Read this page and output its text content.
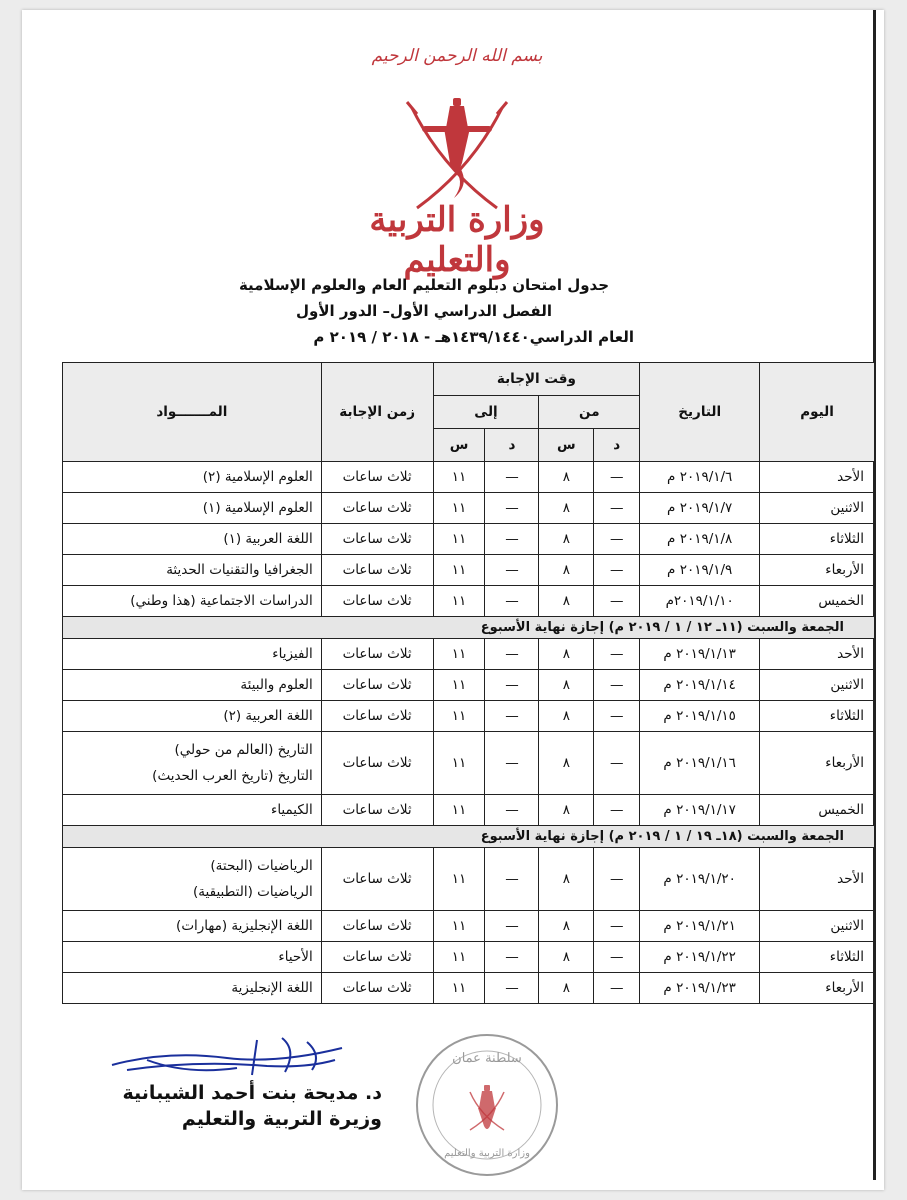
بسم الله الرحمن الرحيم
وزارة التربية والتعليم
جدول امتحان دبلوم التعليم العام والعلوم الإسلامية
الفصل الدراسي الأول– الدور الأول
العام الدراسي١٤٣٩/١٤٤٠هـ - ٢٠١٨ / ٢٠١٩ م
اليوم	التاريخ	وقت الإجابة				زمن الإجابة	المـــــــواد
		من		إلى			
		د	س	د	س		
الأحد	٢٠١٩/١/٦ م	—	٨	—	١١	ثلاث ساعات	العلوم الإسلامية (٢)

الاثنين	٢٠١٩/١/٧ م	—	٨	—	١١	ثلاث ساعات	العلوم الإسلامية (١)

الثلاثاء	٢٠١٩/١/٨ م	—	٨	—	١١	ثلاث ساعات	اللغة العربية (١)

الأربعاء	٢٠١٩/١/٩ م	—	٨	—	١١	ثلاث ساعات	الجغرافيا والتقنيات الحديثة

الخميس	٢٠١٩/١/١٠م	—	٨	—	١١	ثلاث ساعات	الدراسات الاجتماعية (هذا وطني)

الجمعة والسبت (١١ـ ١٢ / ١ / ٢٠١٩ م) إجازة نهاية الأسبوع							
الأحد	٢٠١٩/١/١٣ م	—	٨	—	١١	ثلاث ساعات	الفيزياء

الاثنين	٢٠١٩/١/١٤ م	—	٨	—	١١	ثلاث ساعات	العلوم والبيئة

الثلاثاء	٢٠١٩/١/١٥ م	—	٨	—	١١	ثلاث ساعات	اللغة العربية (٢)

الأربعاء	٢٠١٩/١/١٦ م	—	٨	—	١١	ثلاث ساعات	التاريخ (العالم من حولي)
التاريخ (تاريخ العرب الحديث)

الخميس	٢٠١٩/١/١٧ م	—	٨	—	١١	ثلاث ساعات	الكيمياء

الجمعة والسبت (١٨ـ ١٩ / ١ / ٢٠١٩ م) إجازة نهاية الأسبوع							
الأحد	٢٠١٩/١/٢٠ م	—	٨	—	١١	ثلاث ساعات	الرياضيات (البحتة)
الرياضيات (التطبيقية)

الاثنين	٢٠١٩/١/٢١ م	—	٨	—	١١	ثلاث ساعات	اللغة الإنجليزية (مهارات)

الثلاثاء	٢٠١٩/١/٢٢ م	—	٨	—	١١	ثلاث ساعات	الأحياء

الأربعاء	٢٠١٩/١/٢٣ م	—	٨	—	١١	ثلاث ساعات	اللغة الإنجليزية
د. مديحة بنت أحمد الشيبانية
وزيرة التربية والتعليم
سلطنة عمان
وزارة التربية والتعليم
